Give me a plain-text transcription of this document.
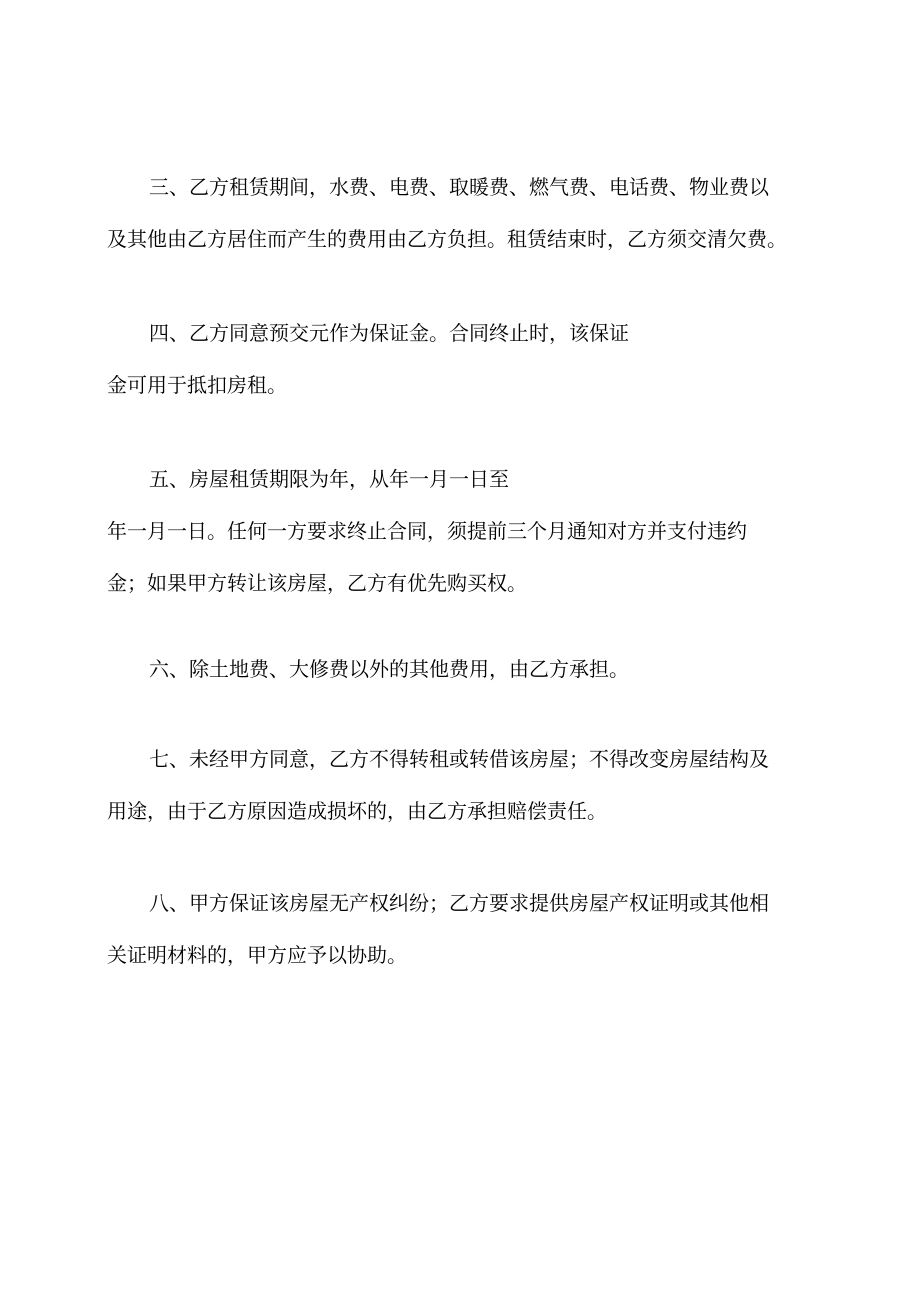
三、乙方租赁期间，水费、电费、取暖费、燃气费、电话费、物业费以
及其他由乙方居住而产生的费用由乙方负担。租赁结束时，乙方须交清欠费。
四、乙方同意预交元作为保证金。合同终止时，该保证
金可用于抵扣房租。
五、房屋租赁期限为年，从年一月一日至
年一月一日。任何一方要求终止合同，须提前三个月通知对方并支付违约
金；如果甲方转让该房屋，乙方有优先购买权。
六、除土地费、大修费以外的其他费用，由乙方承担。
七、未经甲方同意，乙方不得转租或转借该房屋；不得改变房屋结构及
用途，由于乙方原因造成损坏的，由乙方承担赔偿责任。
八、甲方保证该房屋无产权纠纷；乙方要求提供房屋产权证明或其他相
关证明材料的，甲方应予以协助。
